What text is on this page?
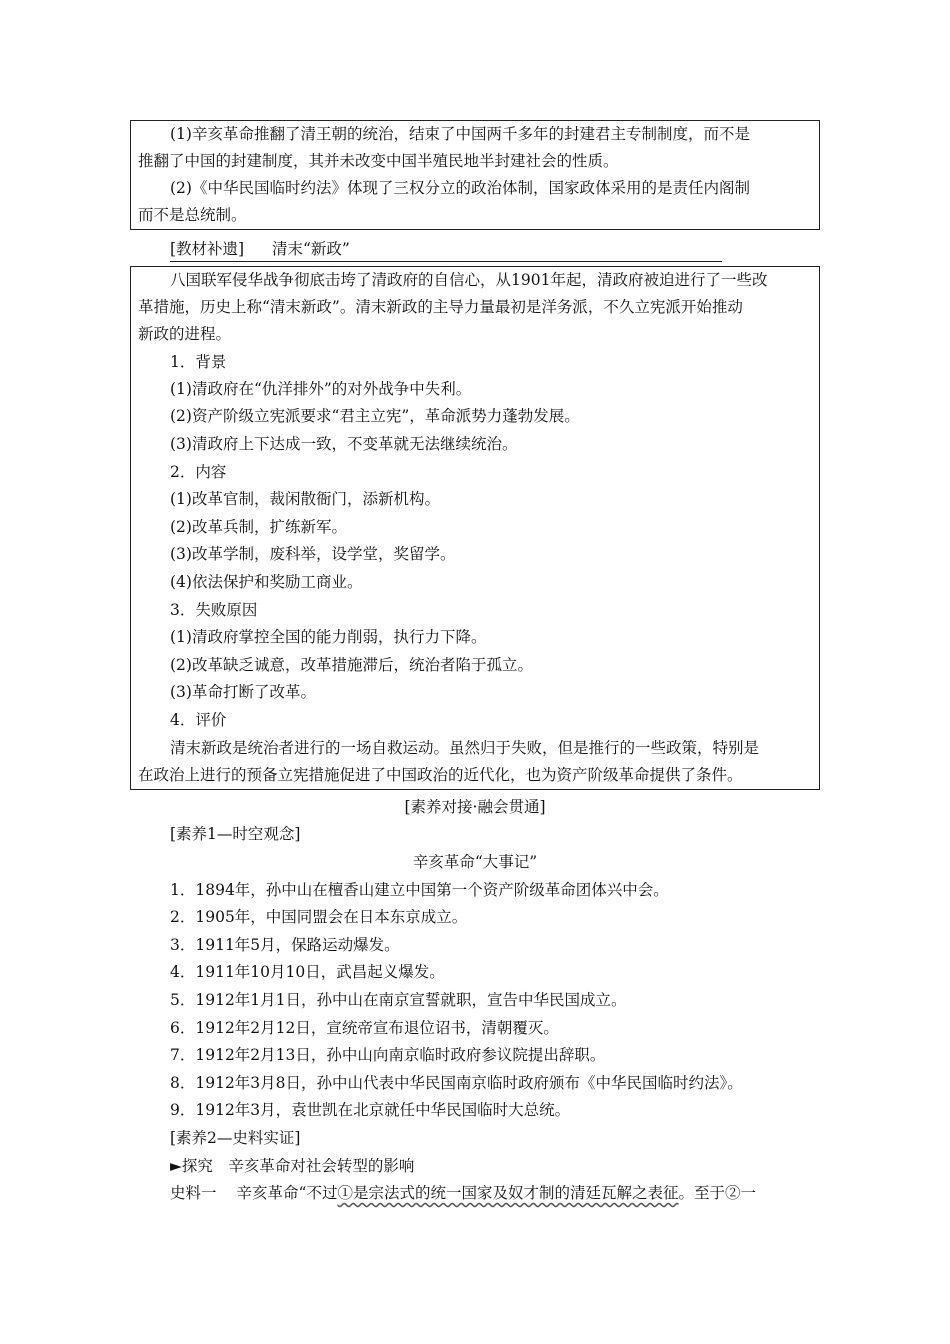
(1)辛亥革命推翻了清王朝的统治，结束了中国两千多年的封建君主专制制度，而不是
推翻了中国的封建制度，其并未改变中国半殖民地半封建社会的性质。
(2)《中华民国临时约法》体现了三权分立的政治体制，国家政体采用的是责任内阁制
而不是总统制。
[教材补遗] 清末“新政”
八国联军侵华战争彻底击垮了清政府的自信心，从1901年起，清政府被迫进行了一些改
革措施，历史上称“清末新政”。清末新政的主导力量最初是洋务派，不久立宪派开始推动
新政的进程。
1．背景
(1)清政府在“仇洋排外”的对外战争中失利。
(2)资产阶级立宪派要求“君主立宪”，革命派势力蓬勃发展。
(3)清政府上下达成一致，不变革就无法继续统治。
2．内容
(1)改革官制，裁闲散衙门，添新机构。
(2)改革兵制，扩练新军。
(3)改革学制，废科举，设学堂，奖留学。
(4)依法保护和奖励工商业。
3．失败原因
(1)清政府掌控全国的能力削弱，执行力下降。
(2)改革缺乏诚意，改革措施滞后，统治者陷于孤立。
(3)革命打断了改革。
4．评价
清末新政是统治者进行的一场自救运动。虽然归于失败，但是推行的一些政策，特别是
在政治上进行的预备立宪措施促进了中国政治的近代化，也为资产阶级革命提供了条件。
[素养对接·融会贯通]
[素养1—时空观念]
辛亥革命“大事记”
1．1894年，孙中山在檀香山建立中国第一个资产阶级革命团体兴中会。
2．1905年，中国同盟会在日本东京成立。
3．1911年5月，保路运动爆发。
4．1911年10月10日，武昌起义爆发。
5．1912年1月1日，孙中山在南京宣誓就职，宣告中华民国成立。
6．1912年2月12日，宣统帝宣布退位诏书，清朝覆灭。
7．1912年2月13日，孙中山向南京临时政府参议院提出辞职。
8．1912年3月8日，孙中山代表中华民国南京临时政府颁布《中华民国临时约法》。
9．1912年3月，袁世凯在北京就任中华民国临时大总统。
[素养2—史料实证]
►探究　辛亥革命对社会转型的影响
史料一 辛亥革命“不过①是宗法式的统一国家及奴才制的清廷瓦解之表征。至于②一
